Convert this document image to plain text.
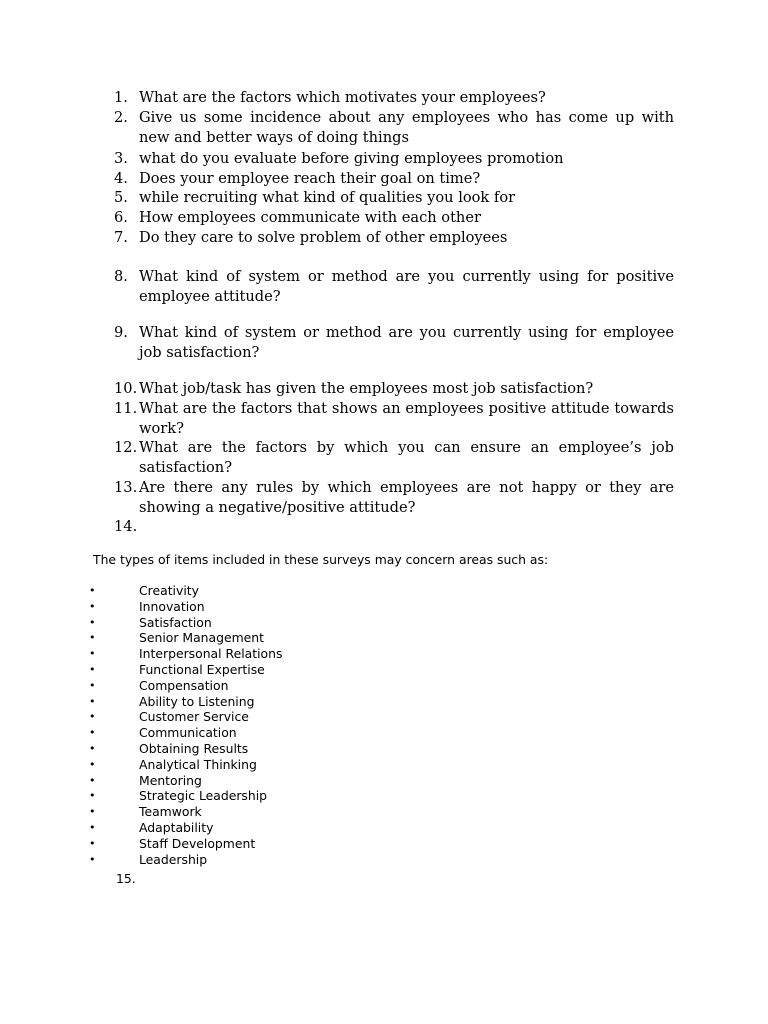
1. What are the factors which motivates your employees?

2. Give us some incidence about any employees who has come up with new and better ways of doing things

3. what do you evaluate before giving employees promotion

4. Does your employee reach their goal on time?

5. while recruiting what kind of qualities you look for

6. How employees communicate with each other

7. Do they care to solve problem of other employees

8. What kind of system or method are you currently using for positive employee attitude?

9. What kind of system or method are you currently using for employee job satisfaction?

10. What job/task has given the employees most job satisfaction?

11. What are the factors that shows an employees positive attitude towards work?

12. What are the factors by which you can ensure an employee’s job satisfaction?

13. Are there any rules by which employees are not happy or they are showing a negative/positive attitude?

14.

The types of items included in these surveys may concern areas such as:

•	Creativity
•	Innovation
•	Satisfaction
•	Senior Management
•	Interpersonal Relations
•	Functional Expertise
•	Compensation
•	Ability to Listening
•	Customer Service
•	Communication
•	Obtaining Results
•	Analytical Thinking
•	Mentoring
•	Strategic Leadership
•	Teamwork
•	Adaptability
•	Staff Development
•	Leadership

15.
